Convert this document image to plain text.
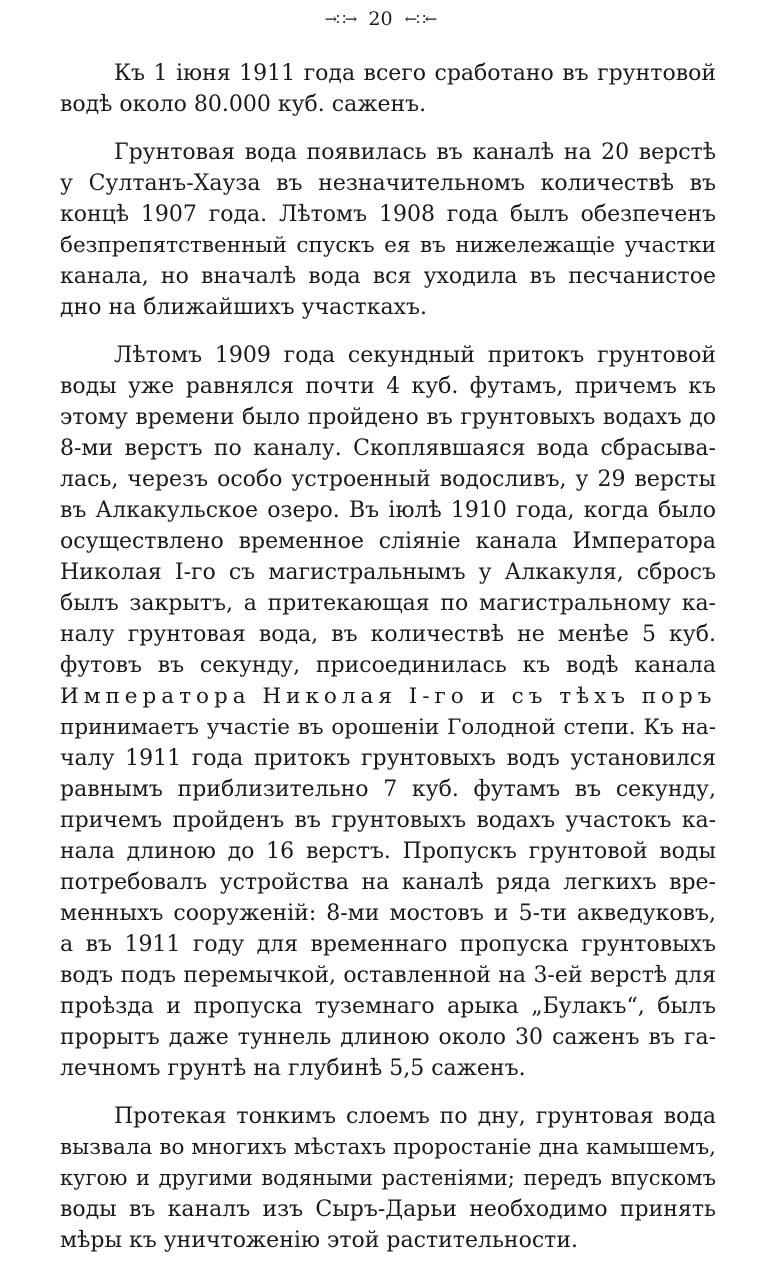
→∷→ 20 ←∷←
Къ 1 іюня 1911 года всего сработано въ грунтовой
водѣ около 80.000 куб. саженъ.
Грунтовая вода появилась въ каналѣ на 20 верстѣ
у Султанъ-Хауза въ незначительномъ количествѣ въ
концѣ 1907 года. Лѣтомъ 1908 года былъ обезпеченъ
безпрепятственный спускъ ея въ нижележащіе участки
канала, но вначалѣ вода вся уходила въ песчанистое
дно на ближайшихъ участкахъ.
Лѣтомъ 1909 года секундный притокъ грунтовой
воды уже равнялся почти 4 куб. футамъ, причемъ къ
этому времени было пройдено въ грунтовыхъ водахъ до
8-ми верстъ по каналу. Скоплявшаяся вода сбрасыва-
лась, черезъ особо устроенный водосливъ, у 29 версты
въ Алкакульское озеро. Въ іюлѣ 1910 года, когда было
осуществлено временное сліяніе канала Императора
Николая I-го съ магистральнымъ у Алкакуля, сбросъ
былъ закрытъ, а притекающая по магистральному ка-
налу грунтовая вода, въ количествѣ не менѣе 5 куб.
футовъ въ секунду, присоединилась къ водѣ канала
Императора Николая I-го и съ тѣхъ поръ
принимаетъ участіе въ орошеніи Голодной степи. Къ на-
чалу 1911 года притокъ грунтовыхъ водъ установился
равнымъ приблизительно 7 куб. футамъ въ секунду,
причемъ пройденъ въ грунтовыхъ водахъ участокъ ка-
нала длиною до 16 верстъ. Пропускъ грунтовой воды
потребовалъ устройства на каналѣ ряда легкихъ вре-
менныхъ сооруженій: 8-ми мостовъ и 5-ти акведуковъ,
а въ 1911 году для временнаго пропуска грунтовыхъ
водъ подъ перемычкой, оставленной на 3-ей верстѣ для
проѣзда и пропуска туземнаго арыка „Булакъ“, былъ
прорытъ даже туннель длиною около 30 саженъ въ га-
лечномъ грунтѣ на глубинѣ 5,5 саженъ.
Протекая тонкимъ слоемъ по дну, грунтовая вода
вызвала во многихъ мѣстахъ проростаніе дна камышемъ,
кугою и другими водяными растеніями; передъ впускомъ
воды въ каналъ изъ Сыръ-Дарьи необходимо принять
мѣры къ уничтоженію этой растительности.
